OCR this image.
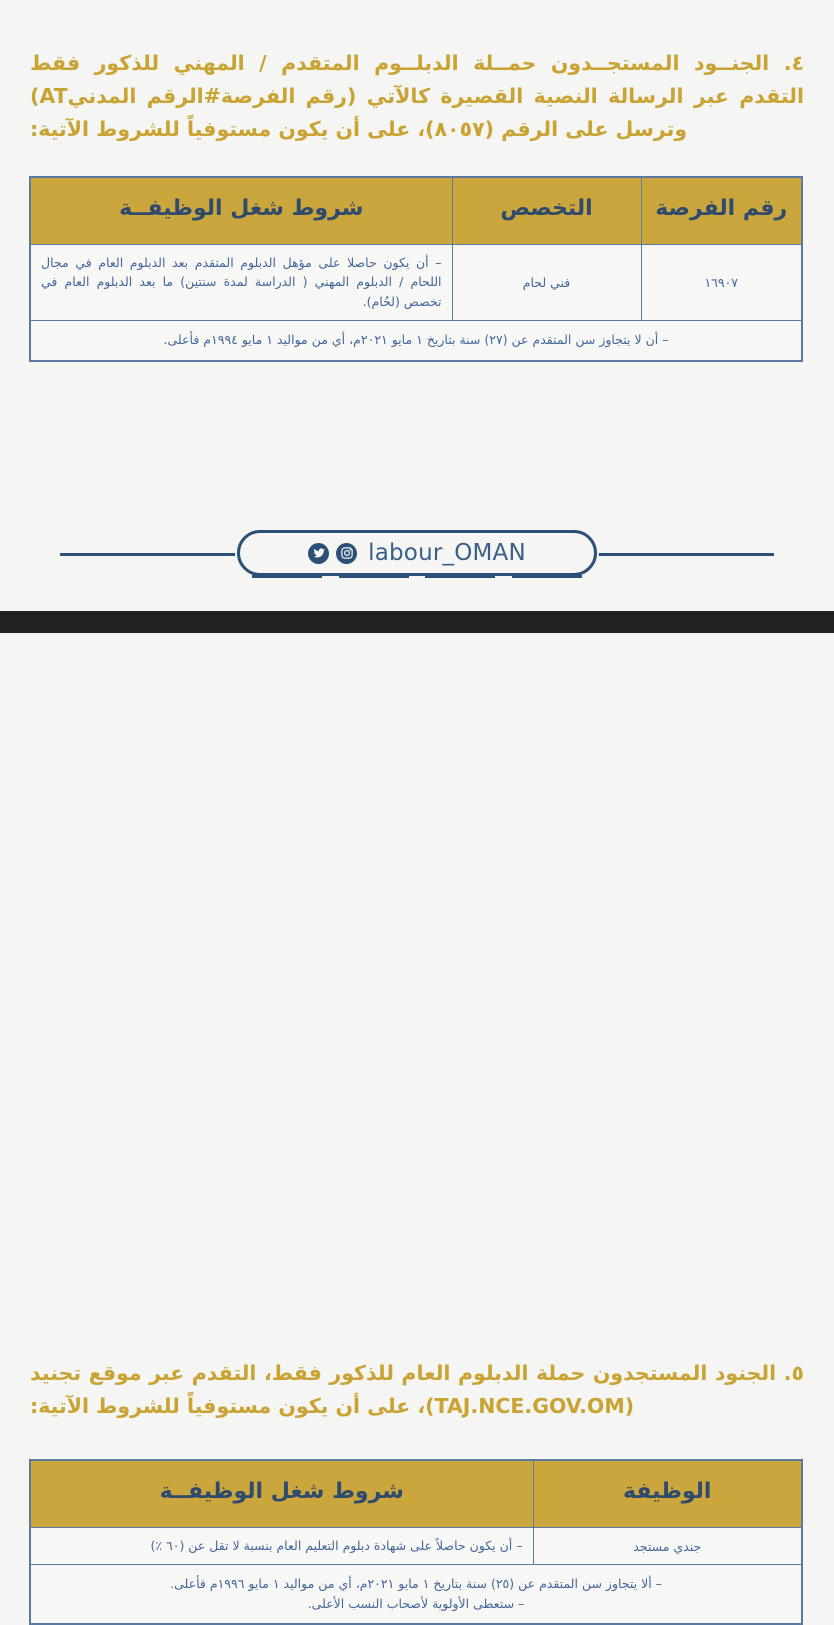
٤. الجنــود المستجــدون حمــلة الدبلــوم المتقدم / المهني للذكور فقط التقدم عبر الرسالة النصية القصيرة كالآتي (رقم الفرصة#الرقم المدنيAT) وترسل على الرقم (٨٠٥٧)، على أن يكون مستوفياً للشروط الآتية:

رقم الفرصة	التخصص	شروط شغل الوظيفــة
١٦٩٠٧	فني لحام	– أن يكون حاصلا على مؤهل الدبلوم المتقدم بعد الدبلوم العام في مجال اللحام / الدبلوم المهني ( الدراسة لمدة سنتين) ما بعد الدبلوم العام في تخصص (لحُام).
– أن لا يتجاوز سن المتقدم عن (٢٧) سنة بتاريخ ١ مايو ٢٠٢١م، أي من مواليد ١ مايو ١٩٩٤م فأعلى.		
labour_OMAN

٥. الجنود المستجدون حملة الدبلوم العام للذكور فقط، التقدم عبر موقع تجنيد (TAJ.NCE.GOV.OM)، على أن يكون مستوفياً للشروط الآتية:

الوظيفة	شروط شغل الوظيفــة
جندي مستجد	– أن يكون حاصلاً على شهادة دبلوم التعليم العام بنسبة لا تقل عن (٦٠ ٪)

– ألا يتجاوز سن المتقدم عن (٢٥) سنة بتاريخ ١ مايو ٢٠٢١م، أي من مواليد ١ مايو ١٩٩٦م فأعلى.
– ستعطى الأولوية لأصحاب النسب الأعلى.	
